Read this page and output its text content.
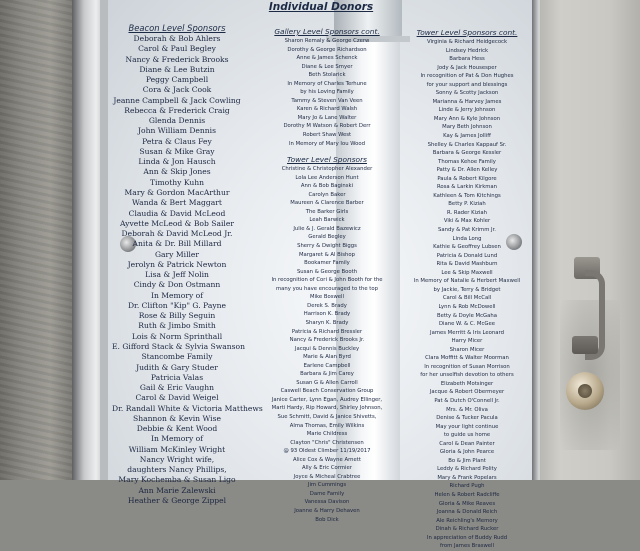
Individual Donors
Beacon Level Sponsors
Deborah & Bob Ahlers
Carol & Paul Begley
Nancy & Frederick Brooks
Diane & Lee Butzin
Peggy Campbell
Cora & Jack Cook
Jeanne Campbell & Jack Cowling
Rebecca & Frederick Craig
Glenda Dennis
John William Dennis
Petra & Claus Fey
Susan & Mike Gray
Linda & Jon Hausch
Ann & Skip Jones
Timothy Kuhn
Mary & Gordon MacArthur
Wanda & Bert Maggart
Claudia & David McLeod
Ayvette McLeod & Bob Sailer
Deborah & David McLeod Jr.
Anita & Dr. Bill Millard
Gary Miller
Jerolyn & Patrick Newton
Lisa & Jeff Nolin
Cindy & Don Ostmann
In Memory of
Dr. Clifton "Kip" G. Payne
Rose & Billy Seguin
Ruth & Jimbo Smith
Lois & Norm Sprinthall
E. Gifford Stack & Sylvia Swanson
Stancombe Family
Judith & Gary Studer
Patricia Valas
Gail & Eric Vaughn
Carol & David Weigel
Dr. Randall White & Victoria Matthews
Shannon & Kevin Wise
Debbie & Kent Wood
In Memory of
William McKinley Wright
Nancy Wright wife,
daughters Nancy Phillips,
Mary Kochemba & Susan Ligo
Ann Marie Zalewski
Heather & George Zippel
Gallery Level Sponsors cont.
Sharon Remaly & George Czerw
Dorothy & George Richardson
Anne & James Schenck
Diane & Lee Smyer
Beth Stolarick
In Memory of Charles Terhune
by his Loving Family
Tammy & Steven Van Veen
Karen & Richard Walsh
Mary Jo & Lane Walter
Dorothy M Watson & Robert Derr
Robert Shaw West
In Memory of Mary Iou Wood
Tower Level Sponsors
Christine & Christopher Alexander
Lola Lee Anderson Hunt
Ann & Bob Baginski
Carolyn Baker
Maureen & Clarence Barber
The Barker Girls
Leah Barwick
Julie & J. Gerald Bazewicz
Gerald Begley
Sherry & Dwight Biggs
Margaret & Al Bishop
Bookamer Family
Susan & George Booth
In recognition of Cori & John Booth for the
many you have encouraged to the top
Mike Boswell
Derek S. Brady
Harrison K. Brady
Sharyn K. Brady
Patricia & Richard Bressler
Nancy & Frederick Brooks Jr.
Jacqui & Dennis Buckley
Marie & Alan Byrd
Earlene Campbell
Barbara & Jim Carey
Susan G & Allen Carroll
Caswell Beach Conservation Group
Janice Carter, Lynn Egan, Audrey Ellinger,
Marti Hardy, Rip Howard, Shirley Johnson,
Sue Schmitt, David & Janice Shivetts,
Alma Thomas, Emily Wilkins
Marie Childress
Clayton "Chris" Christensen
@ 93 Oldest Climber 11/19/2017
Alice Cox & Wayne Arnett
Ally & Eric Cormier
Joyce & Micheal Crabtree
Jim Cummings
Dame Family
Vanessa Davison
Joanne & Harry Dehaven
Bob Dick
Tower Level Sponsors cont.
Virginia & Richard Heidgecock
Lindsey Hedrick
Barbara Hess
Jody & Jack Housesper
In recognition of Pat & Don Hughes
for your support and blessings
Sonny & Scotty Jackson
Marianna & Harvey James
Linde & Jerry Johnson
Mary Ann & Kyle Johnson
Mary Beth Johnson
Kay & James Jolliff
Shelley & Charles Kappauf Sr.
Barbara & George Kessler
Thomas Kehoe Family
Patty & Dr. Allen Kelley
Paula & Robert Kilgore
Rosa & Larkin Kirkman
Kathleen & Tom Kitchings
Betty P. Kiziah
R. Rader Kiziah
Viki & Max Kohler
Sandy & Pat Krimm Jr.
Linda Long
Kathie & Geoffrey Lubsen
Patricia & Donald Lund
Rita & David Mashburn
Lee & Skip Maxwell
In Memory of Natalie & Herbert Maxwell
by Jackie, Terry & Bridget
Carol & Bill McCall
Lynn & Rob McDowell
Betty & Doyle McGaha
Diane W. & C. McGee
James Merritt & Iris Leonard
Harry Micer
Sharon Micer
Clara Moffitt & Walter Moorman
In recognition of Susan Morrison
for her unselfish devotion to others
Elizabeth Motsinger
Jacque & Robert Obermeyer
Pat & Dutch O'Connell Jr.
Mrs. & Mr. Oliva
Denise & Tucker Pacula
May your light continue
to guide us home
Carol & Dean Painter
Gloria & John Pearce
Bo & Jim Plant
Leddy & Richard Polity
Mary & Frank Popelars
Richard Pugh
Helen & Robert Radcliffe
Gloria & Mike Reaves
Joanna & Donald Reich
Ale Reichling's Memory
Dinah & Richard Rucker
In appreciation of Buddy Rudd
from James Braswell
